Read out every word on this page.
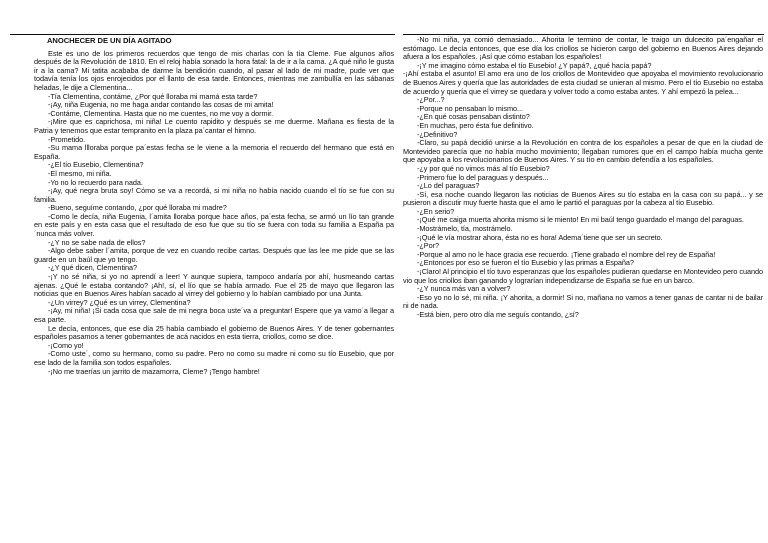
ANOCHECER DE UN DÍA AGITADO

Este es uno de los primeros recuerdos que tengo de mis charlas con la tía Cleme. Fue algunos años después de la Revolución de 1810. En el reloj había sonado la hora fatal: la de ir a la cama. ¿A qué niño le gusta ir a la cama? Mi tatita acababa de darme la bendición cuando, al pasar al lado de mi madre, pude ver que todavía tenía los ojos enrojecidos por el llanto de esa tarde. Entonces, mientras me zambullía en las sábanas heladas, le dije a Clementina...

-Tía Clementina, contáme, ¿Por qué lloraba mi mamá esta tarde?

-¡Ay, niña Eugenia, no me haga andar contando las cosas de mi amita!

-Contáme, Clementina. Hasta que no me cuentes, no me voy a dormir.

-¡Mire que es caprichosa, mi niña! Le cuento rapidito y después se me duerme. Mañana es fiesta de la Patria y tenemos que estar tempranito en la plaza pa´cantar el himno.

-Prometido.

-Su mama llloraba porque pa´estas fecha se le viene a la memoria el recuerdo del hermano que está en España.

-¿El tío Eusebio, Clementina?

-El mesmo, mi niña.

-Yo no lo recuerdo para nada.

-¡Ay, qué negra bruta soy! Cómo se va a recordá, si mi niña no había nacido cuando el tío se fue con su familia.

-Bueno, seguíme contando, ¿por qué lloraba mi madre?

-Como le decía, niña Eugenia, l´amita lloraba porque hace años, pa´esta fecha, se armó un lío tan grande en este país y en esta casa que el resultado de eso fue que su tío se fuera con toda su familia a España pa´nunca más volver.

-¿Y no se sabe nada de ellos?

-Algo debe saber l´amita, porque de vez en cuando recibe cartas. Después que las lee me pide que se las guarde en un baúl que yo tengo.

-¿Y qué dicen, Clementina?

-¡Y no sé niña, si yo no aprendí a leer! Y aunque supiera, tampoco andaría por ahí, husmeando cartas ajenas. ¿Qué le estaba contando? ¡Ah!, sí, el lío que se había armado. Fue el 25 de mayo que llegaron las noticias que en Buenos Aires habían sacado al virrey del gobierno y lo habían cambiado por una Junta.

-¿Un virrey? ¿Qué es un virrey, Clementina?

-¡Ay, mi niña! ¡Si cada cosa que sale de mi negra boca uste´va a preguntar! Espere que ya vamo´a llegar a esa parte.

Le decía, entonces, que ese día 25 había cambiado el gobierno de Buenos Aires. Y de tener gobernantes españoles pasamos a tener gobernantes de acá nacidos en esta tierra, criollos, como se dice.

-¡Como yo!

-Como uste´, como su hermano, como su padre. Pero no como su madre ni como su tío Eusebio, que por ese lado de la familia son todos españoles.

-¡No me traerías un jarrito de mazamorra, Cleme? ¡Tengo hambre!

-No mi niña, ya comió demasiado... Ahorita le termino de contar, le traigo un dulcecito pa´engañar el estómago. Le decía entonces, que ese día los criollos se hicieron cargo del gobierno en Buenos Aires dejando afuera a los españoles. ¡Así que cómo estaban los españoles!

-¡Y me imagino cómo estaba el tío Eusebio! ¿Y papá?, ¿qué hacía papá?

-¡Ahí estaba el asunto! El amo era uno de los criollos de Montevideo que apoyaba el movimiento revolucionario de Buenos Aires y quería que las autoridades de esta ciudad se unieran al mismo. Pero el tío Eusebio no estaba de acuerdo y quería que el virrey se quedara y volver todo a como estaba antes. Y ahí empezó la pelea...

-¿Por...?

-Porque no pensaban lo mismo...

-¿En qué cosas pensaban distinto?

-En muchas, pero ésta fue definitivo.

-¿Definitivo?

-Claro, su papá decidió unirse a la Revolución en contra de los españoles a pesar de que en la ciudad de Montevideo parecía que no había mucho movimiento; llegaban rumores que en el campo había mucha gente que apoyaba a los revolucionarios de Buenos Aires. Y su tío en cambio defendía a los españoles.

-¿y por qué no vimos más al tío Eusebio?

-Primero fue lo del paraguas y después...

-¿Lo del paraguas?

-Sí, esa noche cuando llegaron las noticias de Buenos Aires su tío estaba en la casa con su papá... y se pusieron a discutir muy fuerte hasta que el amo le partió el paraguas por la cabeza al tío Eusebio.

-¿En serio?

-¡Qué me caiga muerta ahorita mismo si le miento! En mi baúl tengo guardado el mango del paraguas.

-Mostrámelo, tía, mostrámelo.

-¡Qué le vía mostrar ahora, ésta no es hora! Adema´tiene que ser un secreto.

-¿Por?

-Porque al amo no le hace gracia ese recuerdo. ¡Tiene grabado el nombre del rey de España!

-¿Entonces por eso se fueron el tío Eusebio y las primas a España?

-¡Claro! Al principio el tío tuvo esperanzas que los españoles pudieran quedarse en Montevideo pero cuando vio que los criollos iban ganando y lograrían independizarse de España se fue en un barco.

-¿Y nunca más van a volver?

-Eso yo no lo sé, mi niña. ¡Y ahorita, a dormir! Si no, mañana no vamos a tener ganas de cantar ni de bailar ni de nada.

-Está bien, pero otro día me seguís contando, ¿sí?
